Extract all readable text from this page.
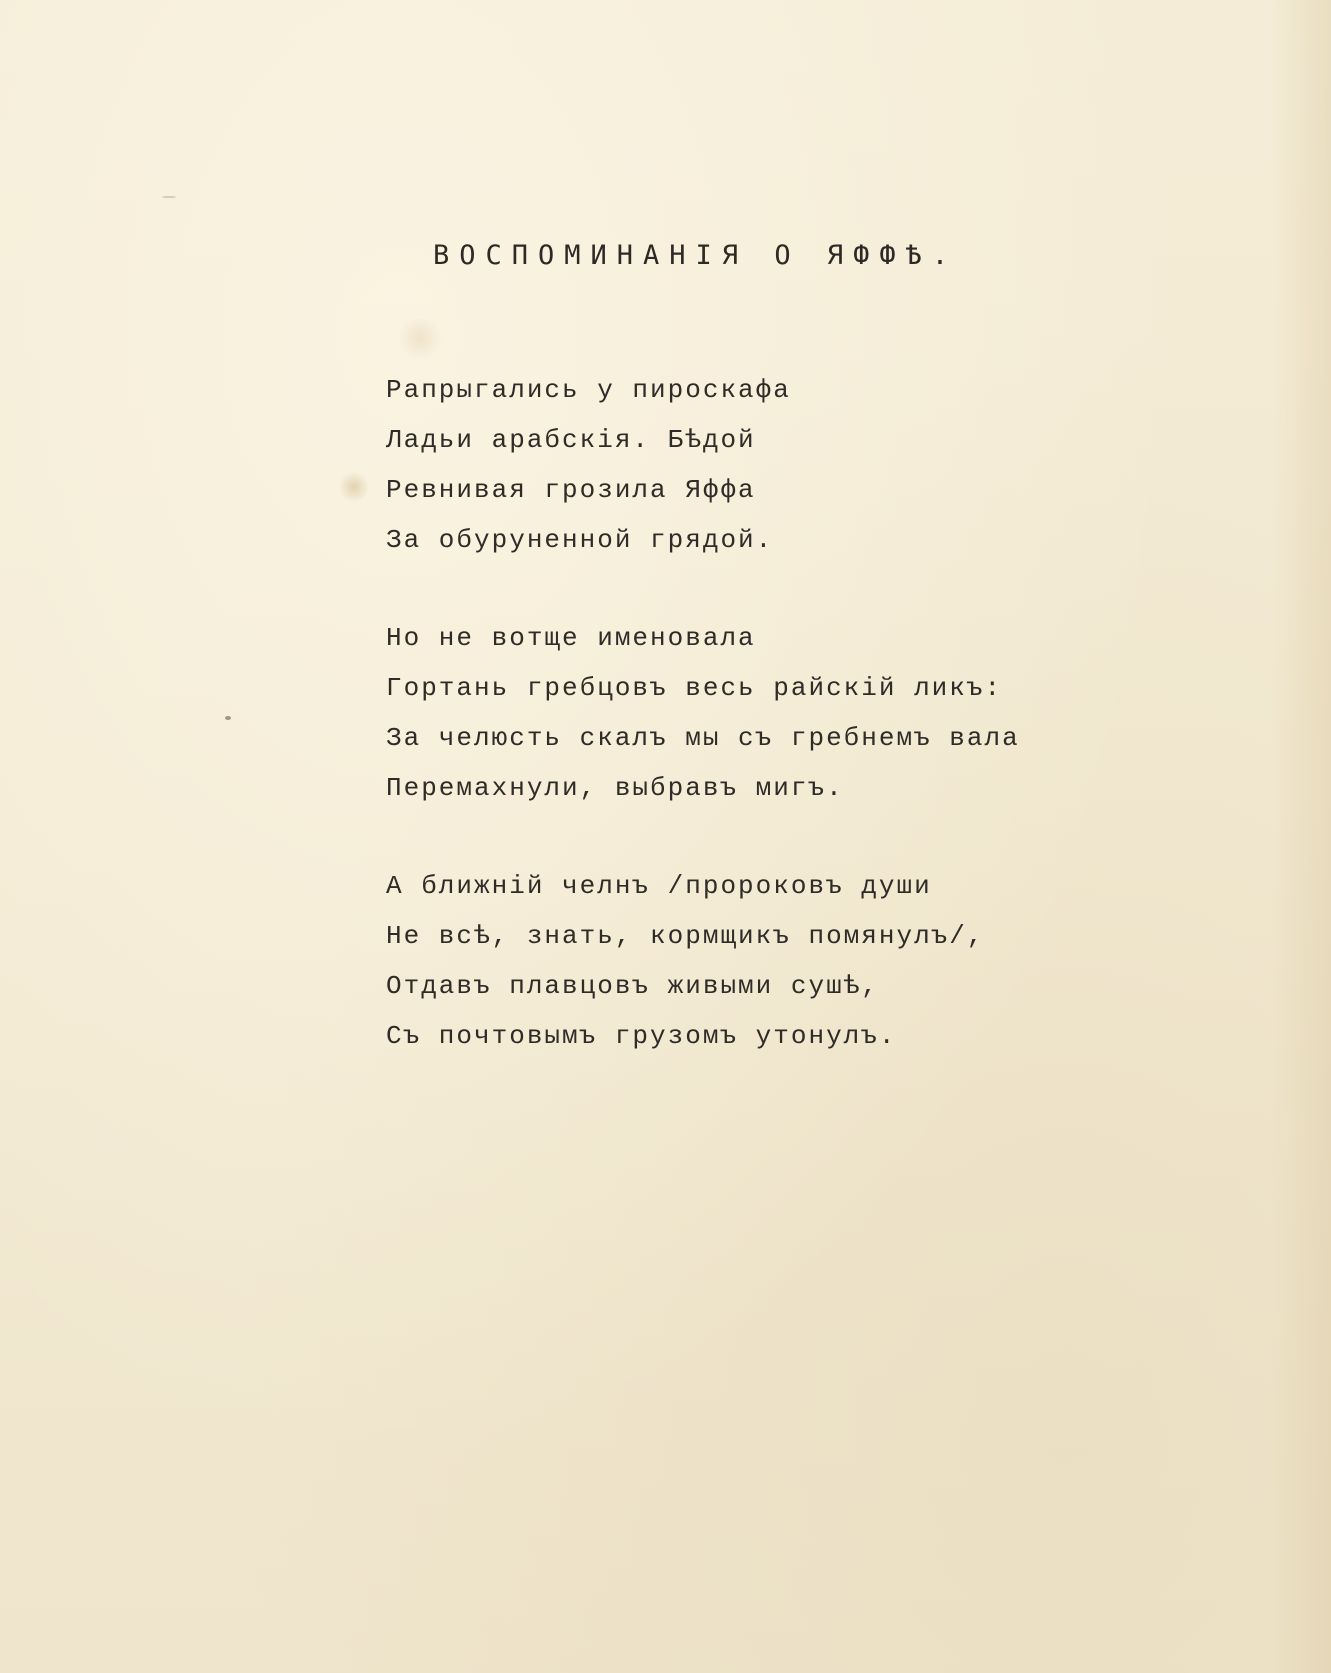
ВОСПОМИНАНІЯ О ЯФФѢ.
Рапрыгались у пироскафа
Ладьи арабскія. Бѣдой
Ревнивая грозила Яффа
За обуруненной грядой.
Но не вотще именовала
Гортань гребцовъ весь райскій ликъ:
За челюсть скалъ мы съ гребнемъ вала
Перемахнули, выбравъ мигъ.
А ближній челнъ /пророковъ души
Не всѣ, знать, кормщикъ помянулъ/,
Отдавъ плавцовъ живыми сушѣ,
Съ почтовымъ грузомъ утонулъ.
